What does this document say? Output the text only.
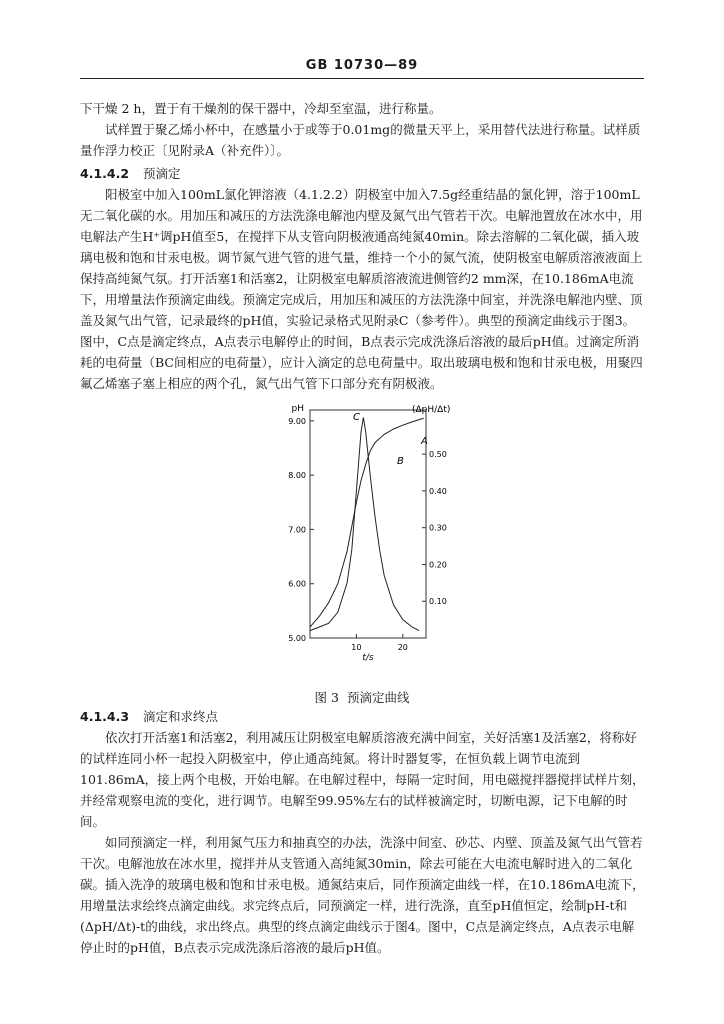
GB 10730—89

下干燥 2 h，置于有干燥剂的保干器中，冷却至室温，进行称量。

试样置于聚乙烯小杯中，在感量小于或等于0.01mg的微量天平上，采用替代法进行称量。试样质量作浮力校正〔见附录A（补充件）〕。

4.1.4.2 预滴定

阳极室中加入100mL氯化钾溶液（4.1.2.2）阴极室中加入7.5g经重结晶的氯化钾，溶于100mL无二氧化碳的水。用加压和减压的方法洗涤电解池内壁及氮气出气管若干次。电解池置放在冰水中，用电解法产生H⁺调pH值至5，在搅拌下从支管向阴极液通高纯氮40min。除去溶解的二氧化碳，插入玻璃电极和饱和甘汞电极。调节氮气进气管的进气量，维持一个小的氮气流，使阴极室电解质溶液液面上保持高纯氮气氛。打开活塞1和活塞2，让阴极室电解质溶液流进侧管约2 mm深，在10.186mA电流下，用增量法作预滴定曲线。预滴定完成后，用加压和减压的方法洗涤中间室，并洗涤电解池内壁、顶盖及氮气出气管，记录最终的pH值，实验记录格式见附录C（参考件）。典型的预滴定曲线示于图3。图中，C点是滴定终点，A点表示电解停止的时间，B点表示完成洗涤后溶液的最后pH值。过滴定所消耗的电荷量（BC间相应的电荷量），应计入滴定的总电荷量中。取出玻璃电极和饱和甘汞电极，用聚四氟乙烯塞子塞上相应的两个孔，氮气出气管下口部分充有阴极液。

pH	(ΔpH/Δt)
t/s
5.00
6.00
7.00
8.00
9.00
0.10
0.20
0.30
0.40
0.50
10	20
C
A
B
图 3 预滴定曲线
4.1.4.3 滴定和求终点

依次打开活塞1和活塞2，利用减压让阴极室电解质溶液充满中间室，关好活塞1及活塞2，将称好的试样连同小杯一起投入阴极室中，停止通高纯氮。将计时器复零，在恒负载上调节电流到101.86mA，接上两个电极，开始电解。在电解过程中，每隔一定时间，用电磁搅拌器搅拌试样片刻，并经常观察电流的变化，进行调节。电解至99.95%左右的试样被滴定时，切断电源，记下电解的时间。

如同预滴定一样，利用氮气压力和抽真空的办法，洗涤中间室、砂芯、内壁、顶盖及氮气出气管若干次。电解池放在冰水里，搅拌并从支管通入高纯氮30min，除去可能在大电流电解时进入的二氧化碳。插入洗净的玻璃电极和饱和甘汞电极。通氮结束后，同作预滴定曲线一样，在10.186mA电流下，用增量法求绘终点滴定曲线。求完终点后，同预滴定一样，进行洗涤，直至pH值恒定，绘制pH-t和(ΔpH/Δt)-t的曲线，求出终点。典型的终点滴定曲线示于图4。图中，C点是滴定终点，A点表示电解停止时的pH值，B点表示完成洗涤后溶液的最后pH值。
